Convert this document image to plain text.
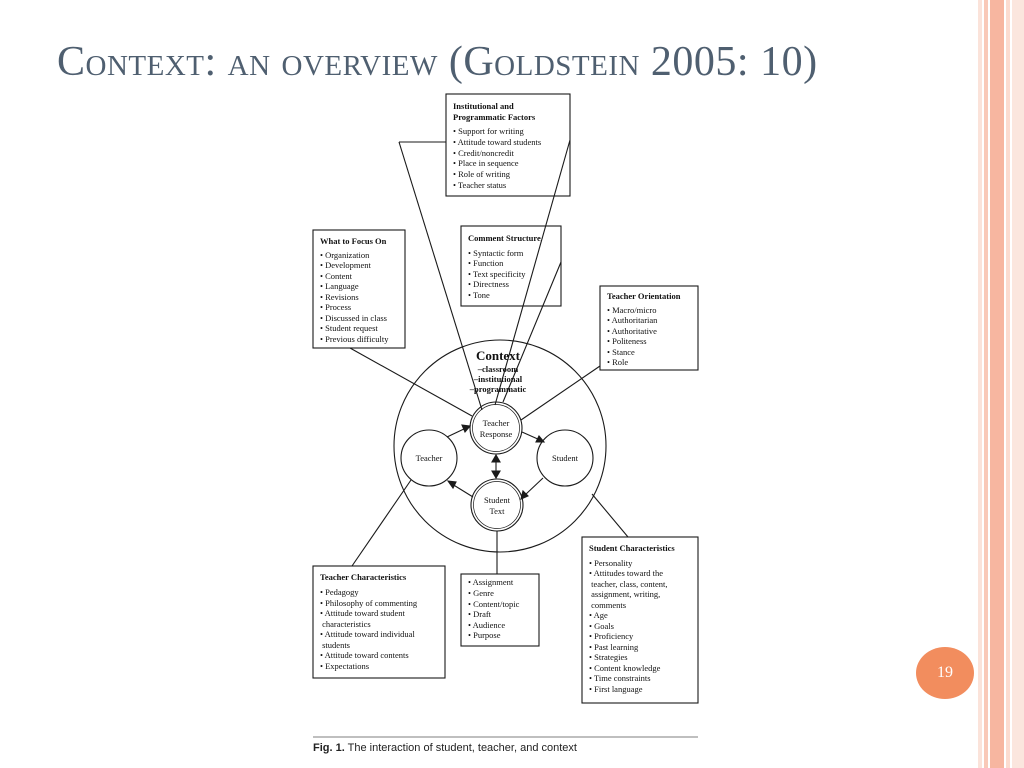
Context: an overview (Goldstein 2005: 10)
Institutional and Programmatic Factors
• Support for writing • Attitude toward students • Credit/noncredit • Place in sequence • Role of writing • Teacher status
What to Focus On
• Organization • Development • Content • Language • Revisions • Process • Discussed in class • Student request • Previous difficulty
Comment Structure
• Syntactic form • Function • Text specificity • Directness • Tone	Teacher Orientation
• Macro/micro • Authoritarian • Authoritative • Politeness • Stance • Role
Context
–classroom –institutional –programmatic
Teacher Response
Teacher	Student
Student Text
Teacher Characteristics
• Pedagogy • Philosophy of commenting • Attitude toward student characteristics • Attitude toward individual students • Attitude toward contents • Expectations
• Assignment • Genre • Content/topic • Draft • Audience • Purpose
Student Characteristics
• Personality • Attitudes toward the teacher, class, content, assignment, writing, comments • Age • Goals • Proficiency • Past learning • Strategies • Content knowledge • Time constraints • First language
Fig. 1. The interaction of student, teacher, and context
19
